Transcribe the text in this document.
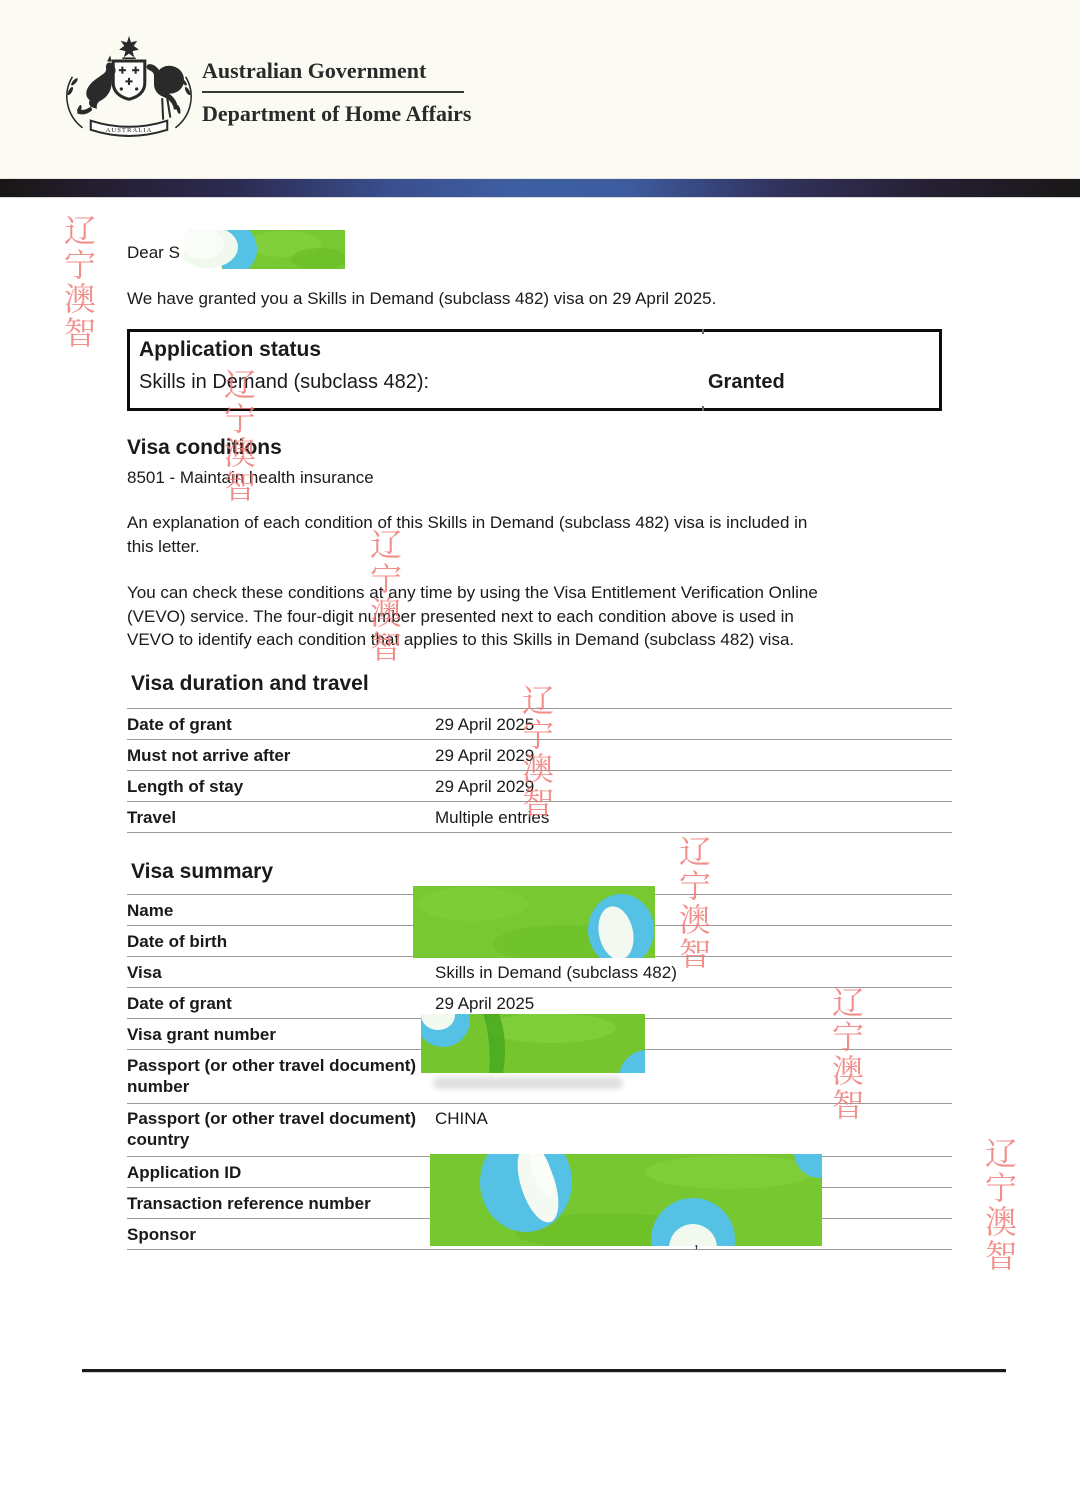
AUSTRALIA
Australian Government
Department of Home Affairs
辽宁澳智
辽宁澳智
辽宁澳智
辽宁澳智
辽宁澳智
辽宁澳智
辽宁澳智
Dear S
We have granted you a Skills in Demand (subclass 482) visa on 29 April 2025.
Application status
Skills in Demand (subclass 482):	Granted
Visa conditions
8501 - Maintain health insurance
An explanation of each condition of this Skills in Demand (subclass 482) visa is included in
this letter.
You can check these conditions at any time by using the Visa Entitlement Verification Online
(VEVO) service. The four-digit number presented next to each condition above is used in
VEVO to identify each condition that applies to this Skills in Demand (subclass 482) visa.
Visa duration and travel
Date of grant	29 April 2025
Must not arrive after	29 April 2029
Length of stay	29 April 2029
Travel	Multiple entries
Visa summary
Name	
Date of birth	
Visa	Skills in Demand (subclass 482)
Date of grant	29 April 2025
Visa grant number	
Passport (or other travel document) number	
Passport (or other travel document) country	CHINA
Application ID	
Transaction reference number	
Sponsor		,
